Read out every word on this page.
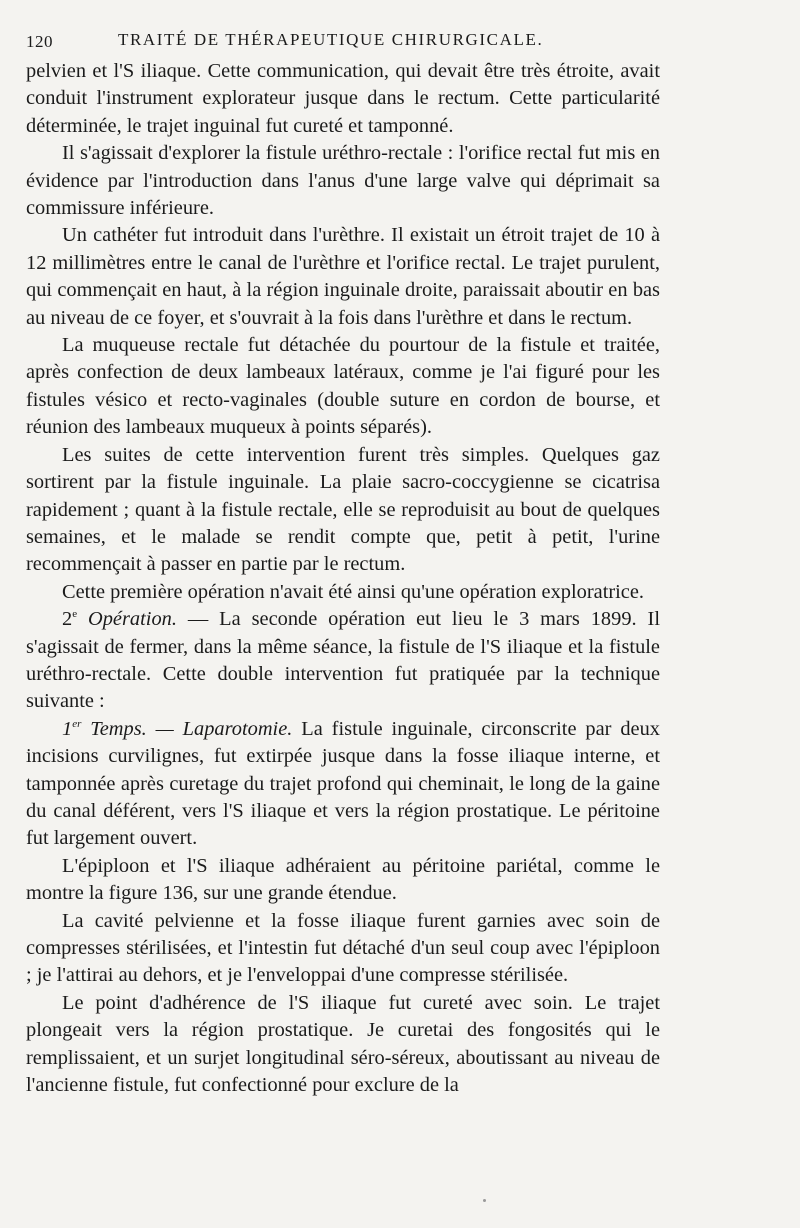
120	TRAITÉ DE THÉRAPEUTIQUE CHIRURGICALE.

pelvien et l'S iliaque. Cette communication, qui devait être très étroite, avait conduit l'instrument explorateur jusque dans le rectum. Cette particularité déterminée, le trajet inguinal fut cureté et tamponné.

Il s'agissait d'explorer la fistule uréthro-rectale : l'orifice rectal fut mis en évidence par l'introduction dans l'anus d'une large valve qui déprimait sa commissure inférieure.

Un cathéter fut introduit dans l'urèthre. Il existait un étroit trajet de 10 à 12 millimètres entre le canal de l'urèthre et l'orifice rectal. Le trajet purulent, qui commençait en haut, à la région inguinale droite, paraissait aboutir en bas au niveau de ce foyer, et s'ouvrait à la fois dans l'urèthre et dans le rectum.

La muqueuse rectale fut détachée du pourtour de la fistule et traitée, après confection de deux lambeaux latéraux, comme je l'ai figuré pour les fistules vésico et recto-vaginales (double suture en cordon de bourse, et réunion des lambeaux muqueux à points séparés).

Les suites de cette intervention furent très simples. Quelques gaz sortirent par la fistule inguinale. La plaie sacro-coccygienne se cicatrisa rapidement ; quant à la fistule rectale, elle se reproduisit au bout de quelques semaines, et le malade se rendit compte que, petit à petit, l'urine recommençait à passer en partie par le rectum.

Cette première opération n'avait été ainsi qu'une opération exploratrice.

2e Opération. — La seconde opération eut lieu le 3 mars 1899. Il s'agissait de fermer, dans la même séance, la fistule de l'S iliaque et la fistule uréthro-rectale. Cette double intervention fut pratiquée par la technique suivante :

1er Temps. — Laparotomie. La fistule inguinale, circonscrite par deux incisions curvilignes, fut extirpée jusque dans la fosse iliaque interne, et tamponnée après curetage du trajet profond qui cheminait, le long de la gaine du canal déférent, vers l'S iliaque et vers la région prostatique. Le péritoine fut largement ouvert.

L'épiploon et l'S iliaque adhéraient au péritoine pariétal, comme le montre la figure 136, sur une grande étendue.

La cavité pelvienne et la fosse iliaque furent garnies avec soin de compresses stérilisées, et l'intestin fut détaché d'un seul coup avec l'épiploon ; je l'attirai au dehors, et je l'enveloppai d'une compresse stérilisée.

Le point d'adhérence de l'S iliaque fut cureté avec soin. Le trajet plongeait vers la région prostatique. Je curetai des fongosités qui le remplissaient, et un surjet longitudinal séro-séreux, aboutissant au niveau de l'ancienne fistule, fut confectionné pour exclure de la
